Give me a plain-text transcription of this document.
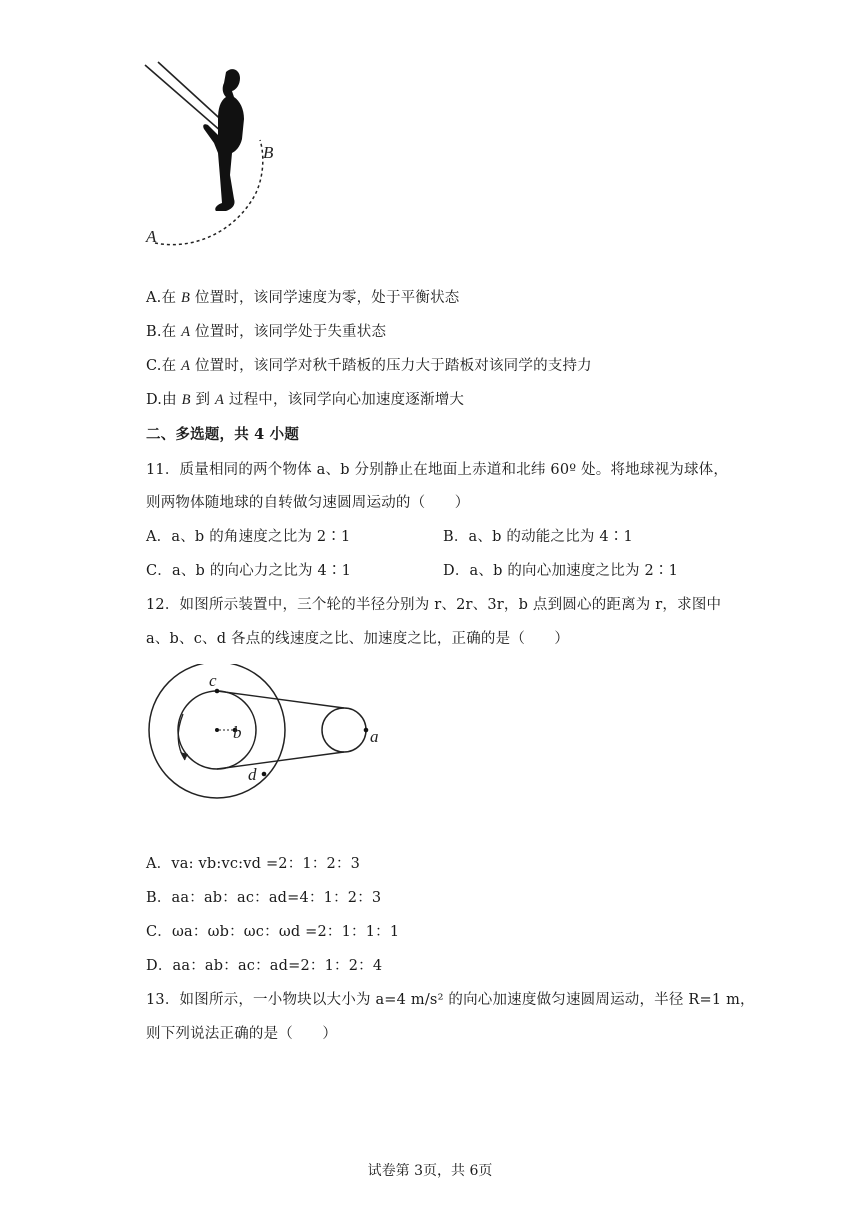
B
A
A.在 B 位置时，该同学速度为零，处于平衡状态
B.在 A 位置时，该同学处于失重状态
C.在 A 位置时，该同学对秋千踏板的压力大于踏板对该同学的支持力
D.由 B 到 A 过程中，该同学向心加速度逐渐增大
二、多选题，共 4 小题
11．质量相同的两个物体 a、b 分别静止在地面上赤道和北纬 60º 处。将地球视为球体，
则两物体随地球的自转做匀速圆周运动的（　　）
A．a、b 的角速度之比为 2∶1	B．a、b 的动能之比为 4∶1
C．a、b 的向心力之比为 4∶1	D．a、b 的向心加速度之比为 2∶1
12．如图所示装置中，三个轮的半径分别为 r、2r、3r，b 点到圆心的距离为 r，求图中
a、b、c、d 各点的线速度之比、加速度之比，正确的是（　　）
c
b
d
a
A．va: vb:vc:vd =2：1：2：3
B．aa：ab：ac：ad=4：1：2：3
C．ωa：ωb：ωc：ωd =2：1：1：1
D．aa：ab：ac：ad=2：1：2：4
13．如图所示，一小物块以大小为 a=4 m/s² 的向心加速度做匀速圆周运动，半径 R=1 m，
则下列说法正确的是（　　）
试卷第 3页，共 6页
